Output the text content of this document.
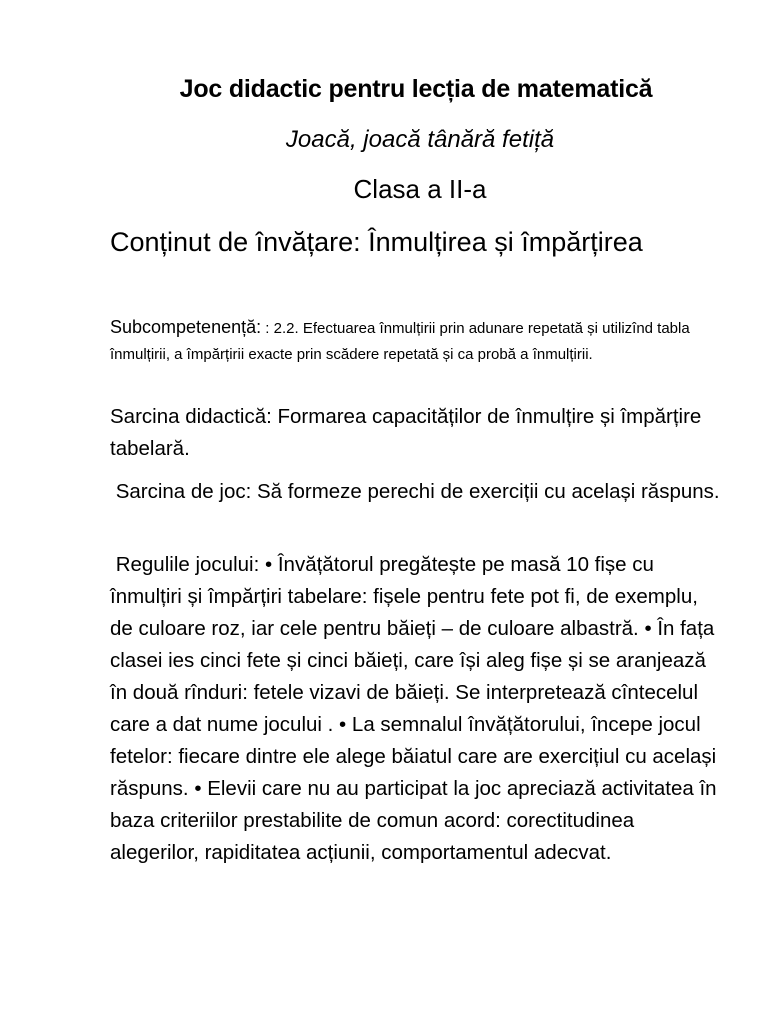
Joc didactic pentru lecția de matematică

Joacă, joacă tânără fetiță

Clasa a II-a

Conținut de învățare: Înmulțirea și împărțirea

Subcompetenență: : 2.2. Efectuarea înmulțirii prin adunare repetată și utilizînd tabla înmulțirii, a împărțirii exacte prin scădere repetată și ca probă a înmulțirii.

Sarcina didactică: Formarea capacităților de înmulțire și împărțire tabelară.

Sarcina de joc: Să formeze perechi de exerciții cu același răspuns.

Regulile jocului: • Învățătorul pregătește pe masă 10 fișe cu înmulțiri și împărțiri tabelare: fișele pentru fete pot fi, de exemplu, de culoare roz, iar cele pentru băieți – de culoare albastră. • În fața clasei ies cinci fete și cinci băieți, care își aleg fișe și se aranjează în două rînduri: fetele vizavi de băieți. Se interpretează cîntecelul care a dat nume jocului . • La semnalul învățătorului, începe jocul fetelor: fiecare dintre ele alege băiatul care are exercițiul cu același răspuns. • Elevii care nu au participat la joc apreciază activitatea în baza criteriilor prestabilite de comun acord: corectitudinea alegerilor, rapiditatea acțiunii, comportamentul adecvat.
